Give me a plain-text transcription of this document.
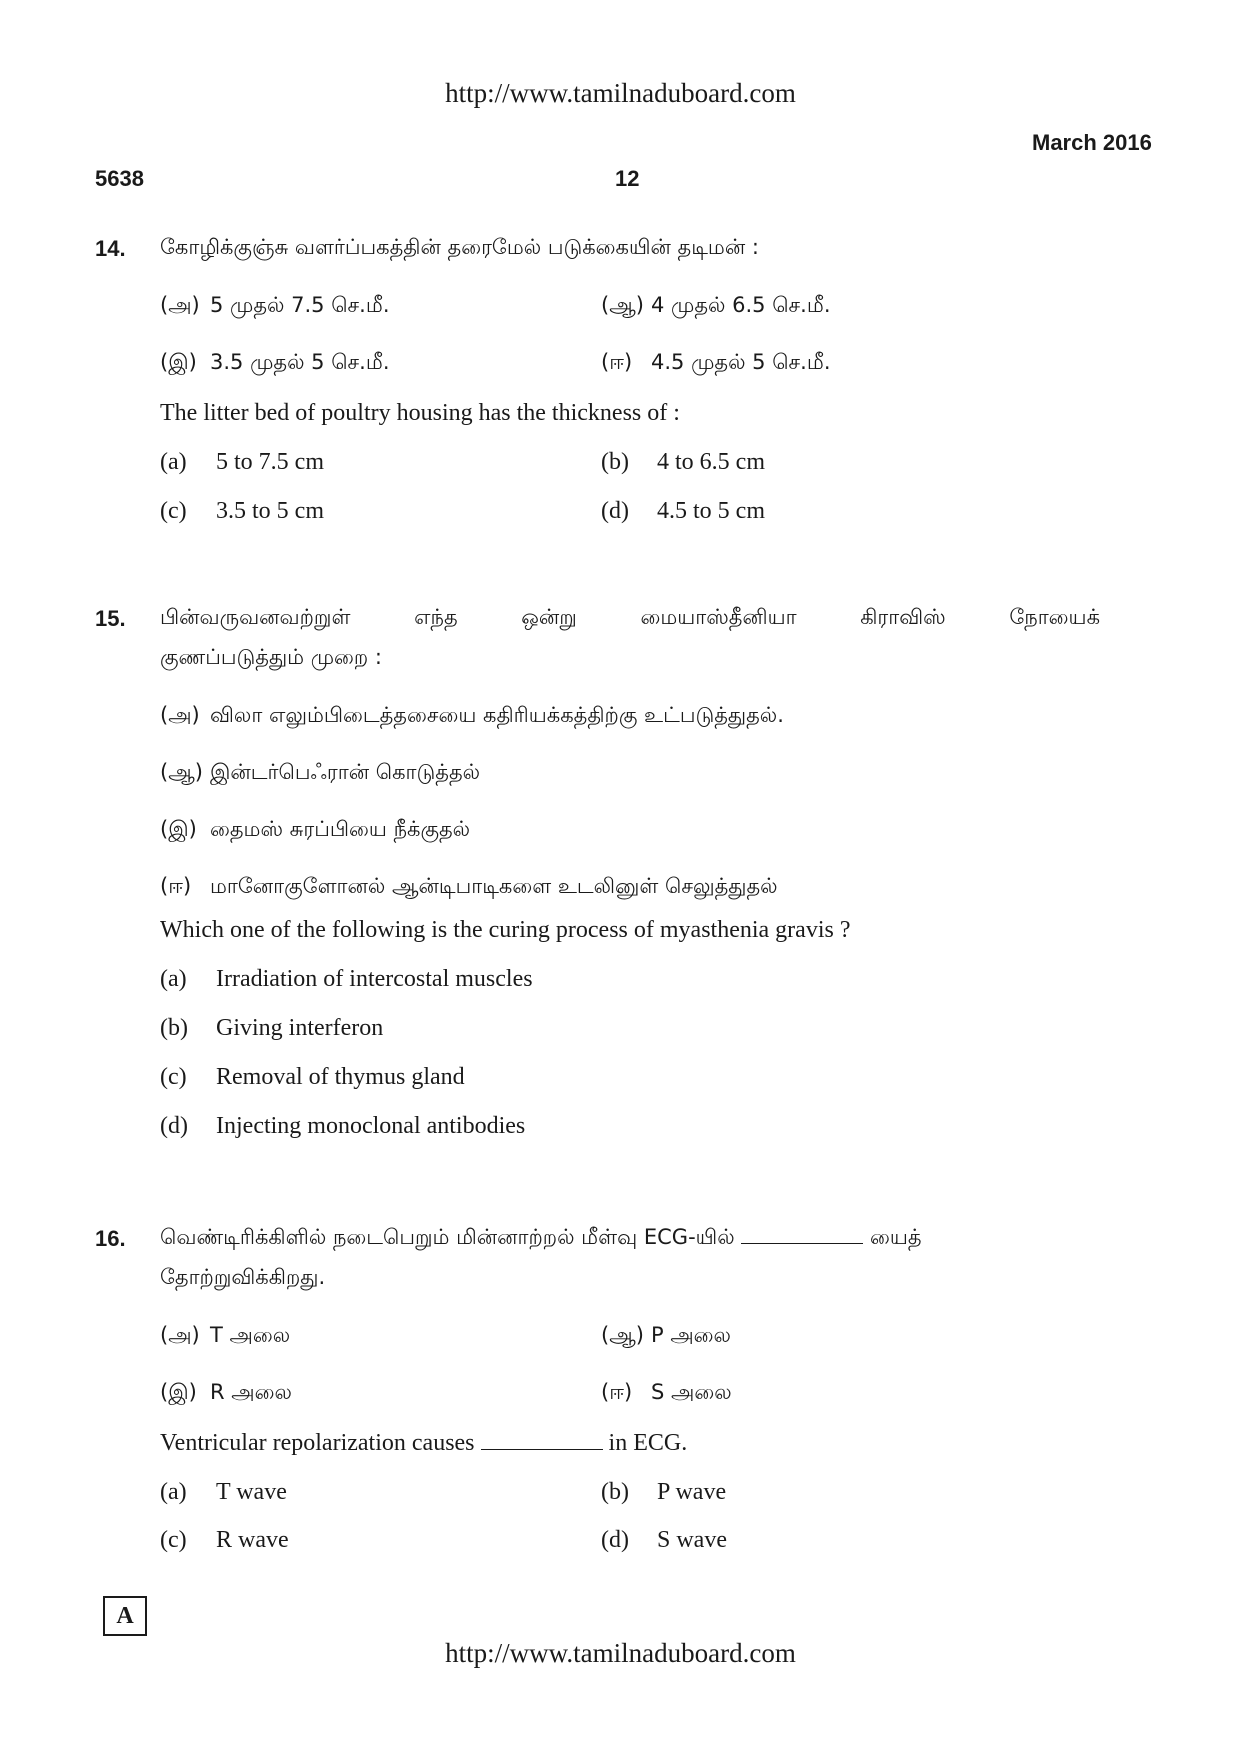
http://www.tamilnaduboard.com
March 2016
5638	12
14. கோழிக்குஞ்சு வளர்ப்பகத்தின் தரைமேல் படுக்கையின் தடிமன் :
(அ) 5 முதல் 7.5 செ.மீ.	(ஆ) 4 முதல் 6.5 செ.மீ.
(இ) 3.5 முதல் 5 செ.மீ.	(ஈ) 4.5 முதல் 5 செ.மீ.
The litter bed of poultry housing has the thickness of :
(a)	5 to 7.5 cm	(b)	4 to 6.5 cm
(c)	3.5 to 5 cm	(d)	4.5 to 5 cm
15. பின்வருவனவற்றுள் எந்த ஒன்று மையாஸ்தீனியா கிராவிஸ் நோயைக்
குணப்படுத்தும் முறை :
(அ) விலா எலும்பிடைத்தசையை கதிரியக்கத்திற்கு உட்படுத்துதல்.
(ஆ) இன்டர்பெஃரான் கொடுத்தல்
(இ) தைமஸ் சுரப்பியை நீக்குதல்
(ஈ) மானோகுளோனல் ஆன்டிபாடிகளை உடலினுள் செலுத்துதல்
Which one of the following is the curing process of myasthenia gravis ?
(a)	Irradiation of intercostal muscles
(b)	Giving interferon
(c)	Removal of thymus gland
(d)	Injecting monoclonal antibodies
16. வெண்டிரிக்கிளில் நடைபெறும் மின்னாற்றல் மீள்வு ECG-யில்	யைத்
தோற்றுவிக்கிறது.
(அ) T அலை	(ஆ) P அலை
(இ) R அலை	(ஈ) S அலை
Ventricular repolarization causes	in ECG.
(a)	T wave	(b)	P wave
(c)	R wave	(d)	S wave
A
http://www.tamilnaduboard.com
